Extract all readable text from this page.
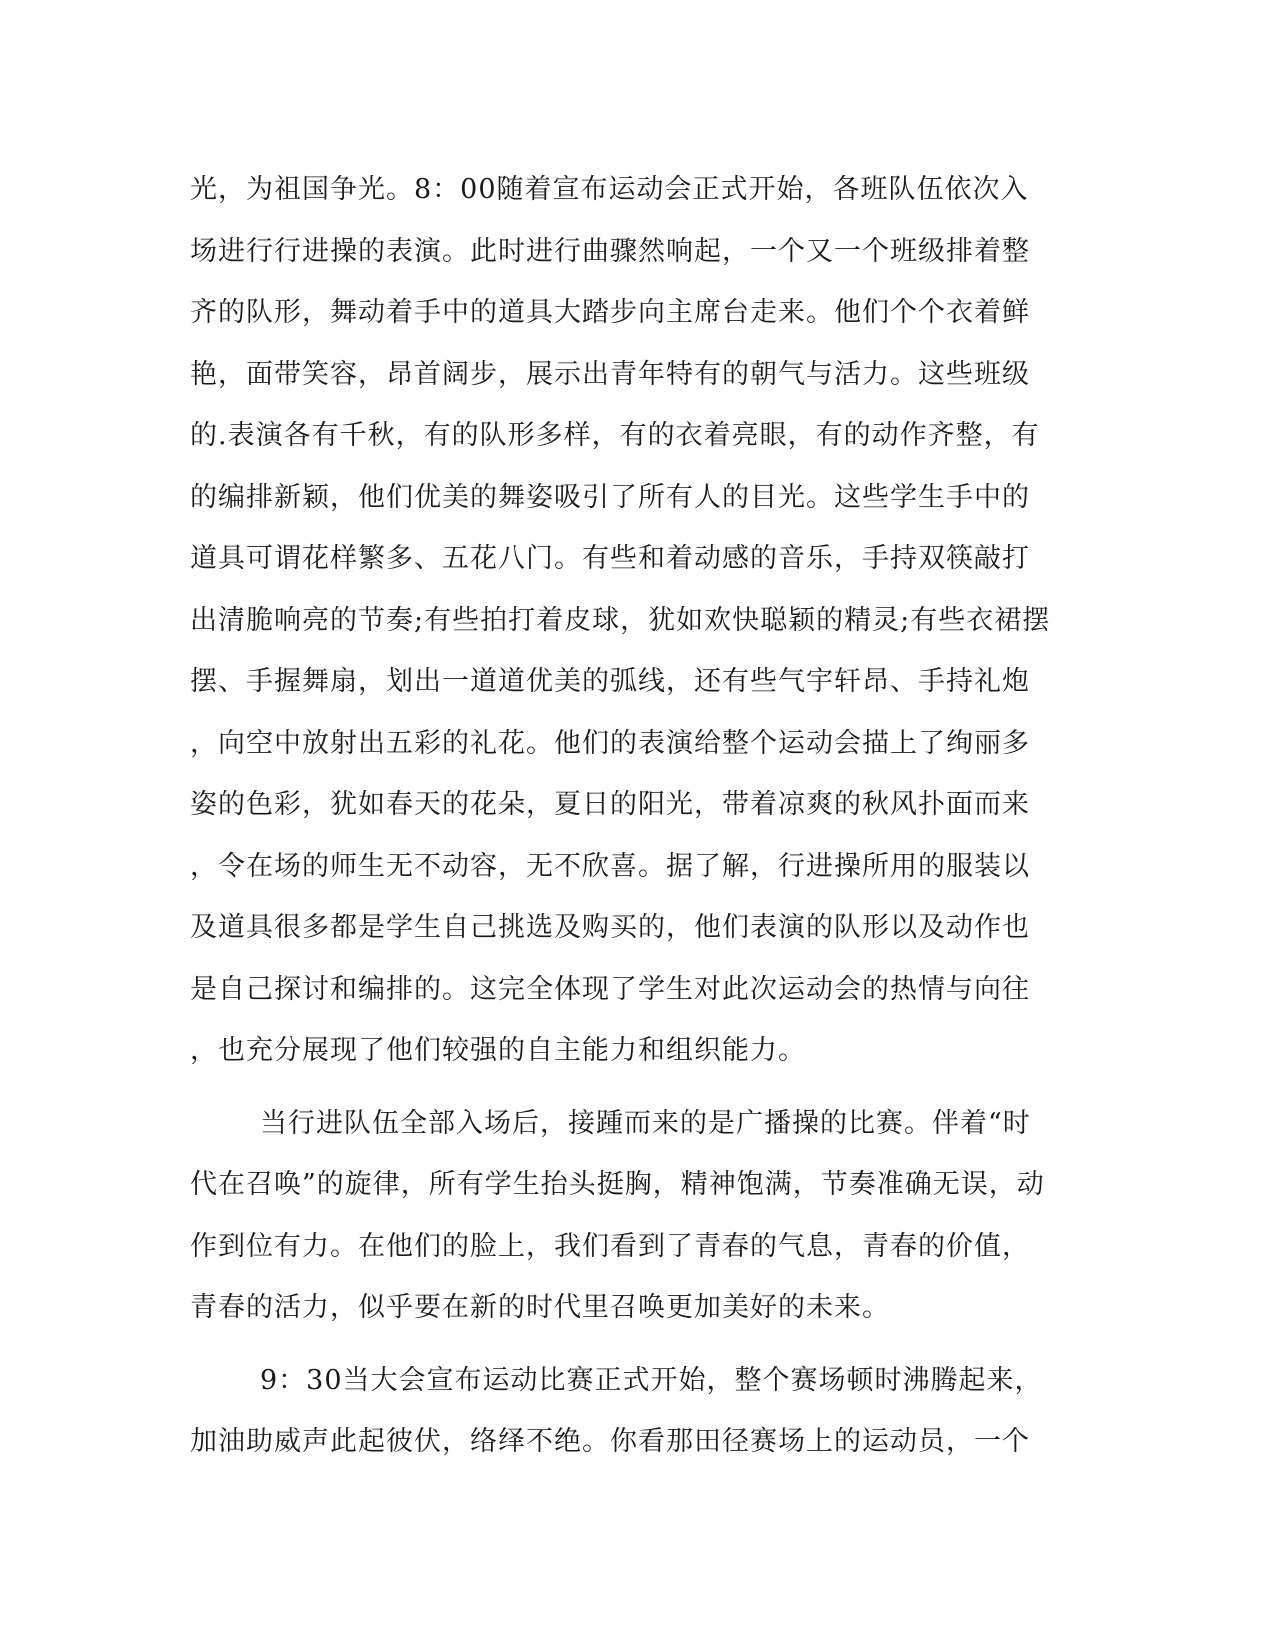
光，为祖国争光。8：00随着宣布运动会正式开始，各班队伍依次入
场进行行进操的表演。此时进行曲骤然响起，一个又一个班级排着整
齐的队形，舞动着手中的道具大踏步向主席台走来。他们个个衣着鲜
艳，面带笑容，昂首阔步，展示出青年特有的朝气与活力。这些班级
的.表演各有千秋，有的队形多样，有的衣着亮眼，有的动作齐整，有
的编排新颖，他们优美的舞姿吸引了所有人的目光。这些学生手中的
道具可谓花样繁多、五花八门。有些和着动感的音乐，手持双筷敲打
出清脆响亮的节奏;有些拍打着皮球，犹如欢快聪颖的精灵;有些衣裙摆
摆、手握舞扇，划出一道道优美的弧线，还有些气宇轩昂、手持礼炮
，向空中放射出五彩的礼花。他们的表演给整个运动会描上了绚丽多
姿的色彩，犹如春天的花朵，夏日的阳光，带着凉爽的秋风扑面而来
，令在场的师生无不动容，无不欣喜。据了解，行进操所用的服装以
及道具很多都是学生自己挑选及购买的，他们表演的队形以及动作也
是自己探讨和编排的。这完全体现了学生对此次运动会的热情与向往
，也充分展现了他们较强的自主能力和组织能力。
当行进队伍全部入场后，接踵而来的是广播操的比赛。伴着“时
代在召唤”的旋律，所有学生抬头挺胸，精神饱满，节奏准确无误，动
作到位有力。在他们的脸上，我们看到了青春的气息，青春的价值，
青春的活力，似乎要在新的时代里召唤更加美好的未来。
9：30当大会宣布运动比赛正式开始，整个赛场顿时沸腾起来，
加油助威声此起彼伏，络绎不绝。你看那田径赛场上的运动员，一个
